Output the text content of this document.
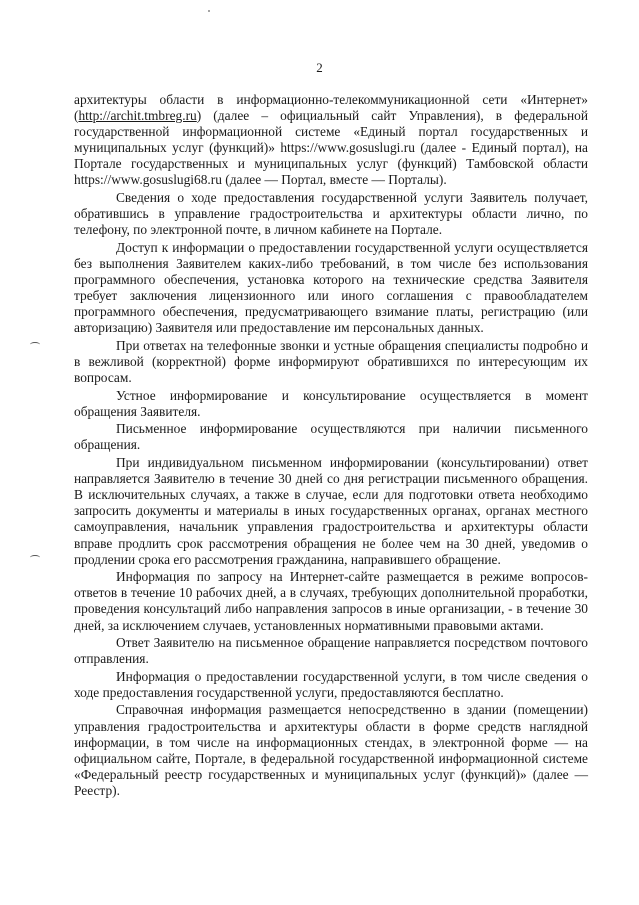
2

архитектуры области в информационно-телекоммуникационной сети «Интернет» (http://archit.tmbreg.ru) (далее – официальный сайт Управления), в федеральной государственной информационной системе «Единый портал государственных и муниципальных услуг (функций)» https://www.gosuslugi.ru (далее - Единый портал), на Портале государственных и муниципальных услуг (функций) Тамбовской области https://www.gosuslugi68.ru (далее — Портал, вместе — Порталы).

Сведения о ходе предоставления государственной услуги Заявитель получает, обратившись в управление градостроительства и архитектуры области лично, по телефону, по электронной почте, в личном кабинете на Портале.

Доступ к информации о предоставлении государственной услуги осуществляется без выполнения Заявителем каких-либо требований, в том числе без использования программного обеспечения, установка которого на технические средства Заявителя требует заключения лицензионного или иного соглашения с правообладателем программного обеспечения, предусматривающего взимание платы, регистрацию (или авторизацию) Заявителя или предоставление им персональных данных.

При ответах на телефонные звонки и устные обращения специалисты подробно и в вежливой (корректной) форме информируют обратившихся по интересующим их вопросам.

Устное информирование и консультирование осуществляется в момент обращения Заявителя.

Письменное информирование осуществляются при наличии письменного обращения.

При индивидуальном письменном информировании (консультировании) ответ направляется Заявителю в течение 30 дней со дня регистрации письменного обращения. В исключительных случаях, а также в случае, если для подготовки ответа необходимо запросить документы и материалы в иных государственных органах, органах местного самоуправления, начальник управления градостроительства и архитектуры области вправе продлить срок рассмотрения обращения не более чем на 30 дней, уведомив о продлении срока его рассмотрения гражданина, направившего обращение.

Информация по запросу на Интернет-сайте размещается в режиме вопросов-ответов в течение 10 рабочих дней, а в случаях, требующих дополнительной проработки, проведения консультаций либо направления запросов в иные организации, - в течение 30 дней, за исключением случаев, установленных нормативными правовыми актами.

Ответ Заявителю на письменное обращение направляется посредством почтового отправления.

Информация о предоставлении государственной услуги, в том числе сведения о ходе предоставления государственной услуги, предоставляются бесплатно.

Справочная информация размещается непосредственно в здании (помещении) управления градостроительства и архитектуры области в форме средств наглядной информации, в том числе на информационных стендах, в электронной форме — на официальном сайте, Портале, в федеральной государственной информационной системе «Федеральный реестр государственных и муниципальных услуг (функций)» (далее — Реестр).
